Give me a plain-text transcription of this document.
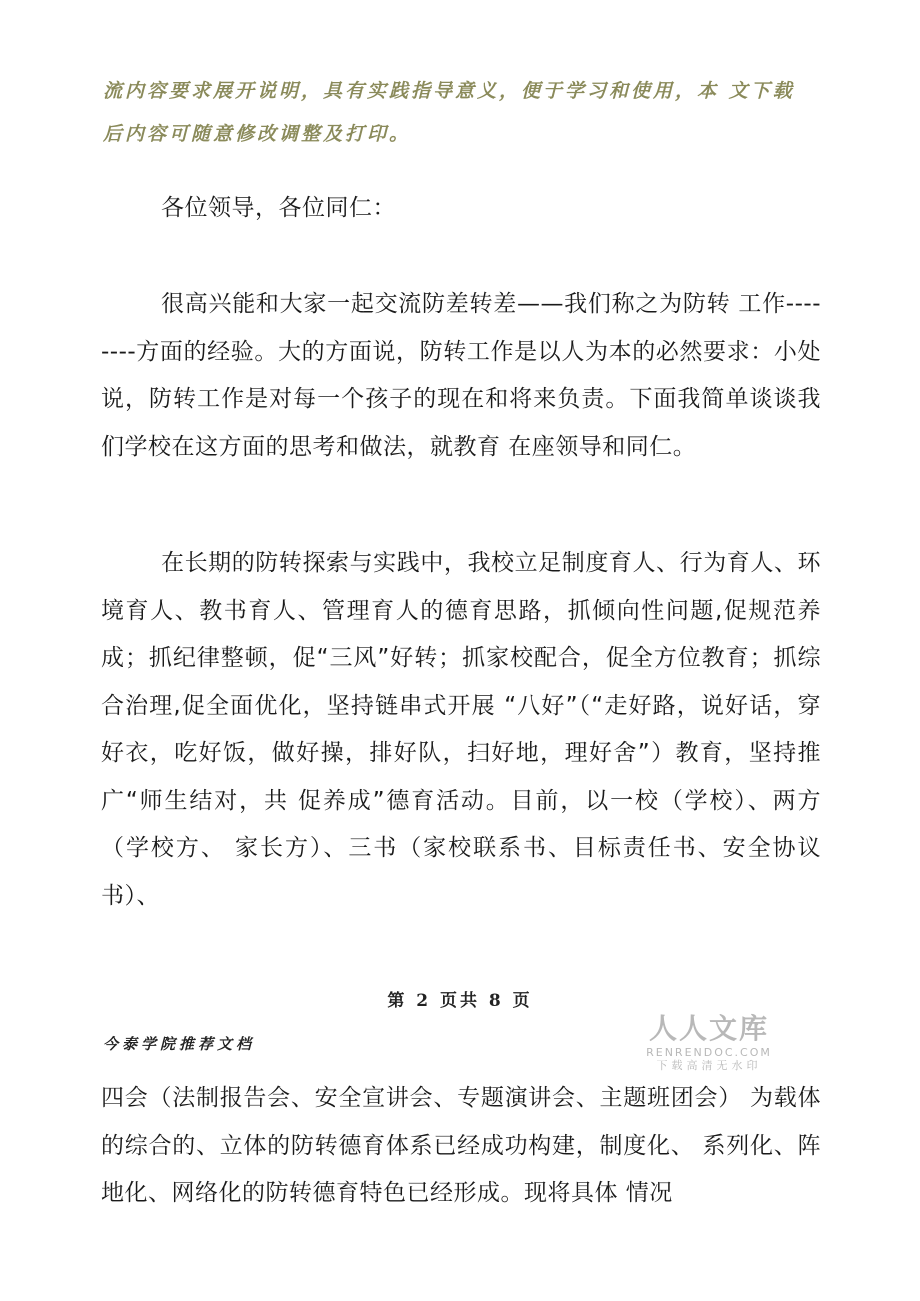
流内容要求展开说明，具有实践指导意义，便于学习和使用，本 文下载
后内容可随意修改调整及打印。
各位领导，各位同仁：
很高兴能和大家一起交流防差转差——我们称之为防转 工作--------方面的经验。大的方面说，防转工作是以人为本的必然要求：小处说，防转工作是对每一个孩子的现在和将来负责。下面我简单谈谈我们学校在这方面的思考和做法，就教育 在座领导和同仁。
在长期的防转探索与实践中，我校立足制度育人、行为育人、环境育人、教书育人、管理育人的德育思路，抓倾向性问题,促规范养成；抓纪律整顿，促“三风”好转；抓家校配合，促全方位教育；抓综合治理,促全面优化，坚持链串式开展 “八好”（“走好路，说好话，穿好衣，吃好饭，做好操，排好队，扫好地，理好舍”）教育，坚持推广“师生结对，共 促养成”德育活动。目前，以一校（学校）、两方（学校方、 家长方）、三书（家校联系书、目标责任书、安全协议书）、
第 2 页共 8 页
今泰学院推荐文档	人人文库
RENRENDOC.COM
下载高清无水印
四会（法制报告会、安全宣讲会、专题演讲会、主题班团会） 为载体的综合的、立体的防转德育体系已经成功构建，制度化、 系列化、阵地化、网络化的防转德育特色已经形成。现将具体 情况
